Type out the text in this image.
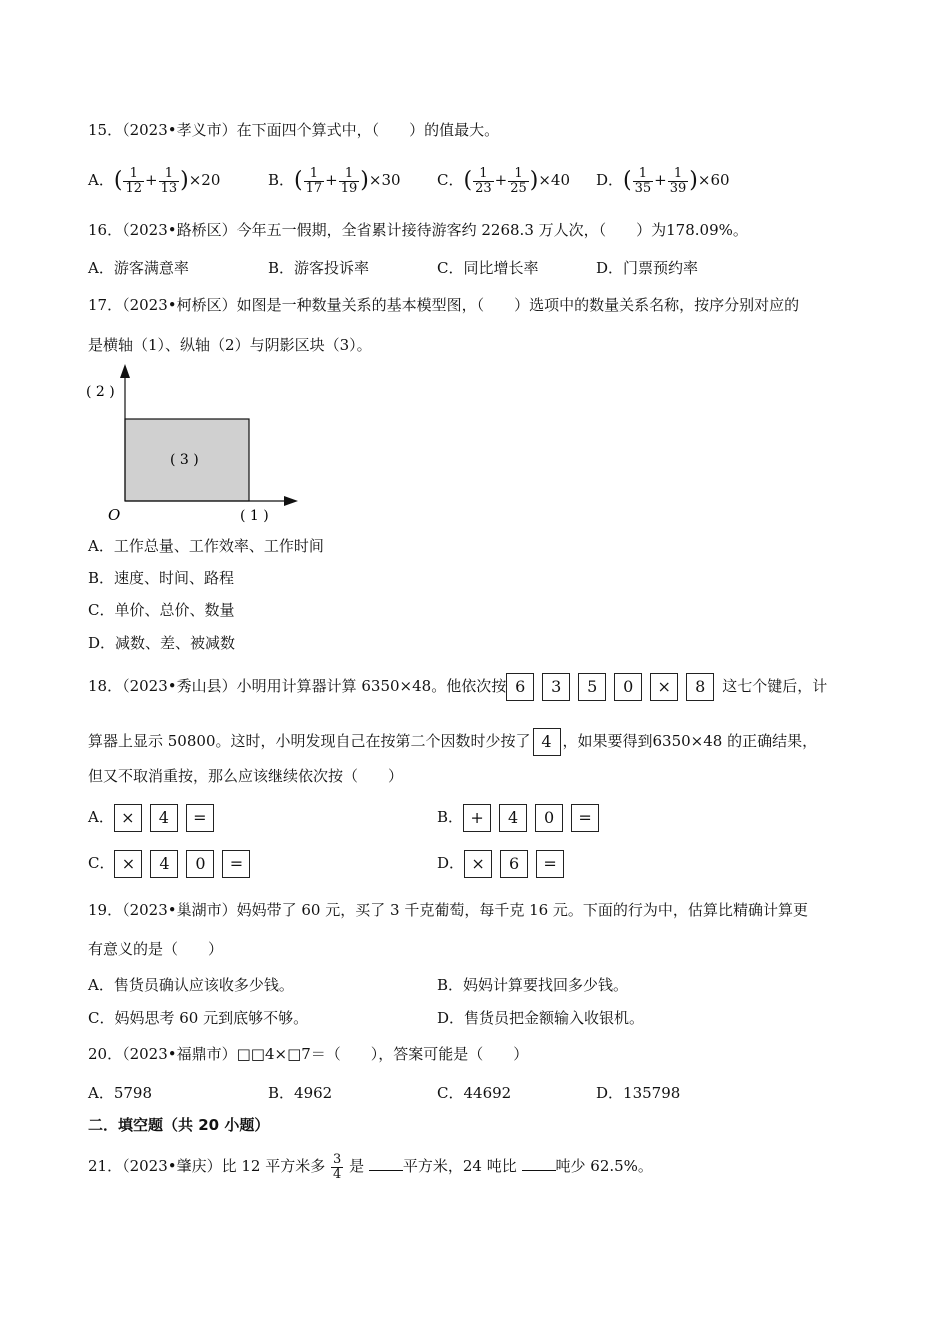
15．（2023•孝义市）在下面四个算式中，（　　）的值最大。
A．( $\frac{1}{12} + \frac{1}{13} )\times 20$	B．( $\frac{1}{17} + \frac{1}{19} )\times 30$ C．( $\frac{1}{23} + \frac{1}{25} )\times 40$ D．( $\frac{1}{35} + \frac{1}{39} )\times 60$
16．（2023•路桥区）今年五一假期，全省累计接待游客约 2268.3 万人次，（　　）为178.09%。
A．游客满意率	B．游客投诉率	C．同比增长率	D．门票预约率
17．（2023•柯桥区）如图是一种数量关系的基本模型图，（　　）选项中的数量关系名称，按序分别对应的
是横轴（1）、纵轴（2）与阴影区块（3）。
( 2 )
( 3 )
O	( 1 )
A．工作总量、工作效率、工作时间
B．速度、时间、路程
C．单价、总价、数量
D．减数、差、被减数
18．（2023•秀山县）小明用计算器计算 6350×48。他依次按 6 3 5 0 × 8 这七个键后，计
算器上显示 50800。这时，小明发现自己在按第二个因数时少按了 4 ，如果要得到6350×48 的正确结果，
但又不取消重按，那么应该继续依次按（　　）
A． × 4 =	B． + 4 0 =
C． × 4 0 =	D． × 6 =
19．（2023•巢湖市）妈妈带了 60 元，买了 3 千克葡萄，每千克 16 元。下面的行为中，估算比精确计算更
有意义的是（　　）
A．售货员确认应该收多少钱。	B．妈妈计算要找回多少钱。
C．妈妈思考 60 元到底够不够。	D．售货员把金额输入收银机。
20．（2023•福鼎市）□□4×□7＝（　　），答案可能是（　　）
A．5798	B．4962	C．44692	D．135798
二．填空题（共 20 小题）
21．（2023•肇庆）比 12 平方米多 $\frac{3}{4}$ 是	平方米，24 吨比	吨少 62.5%。
